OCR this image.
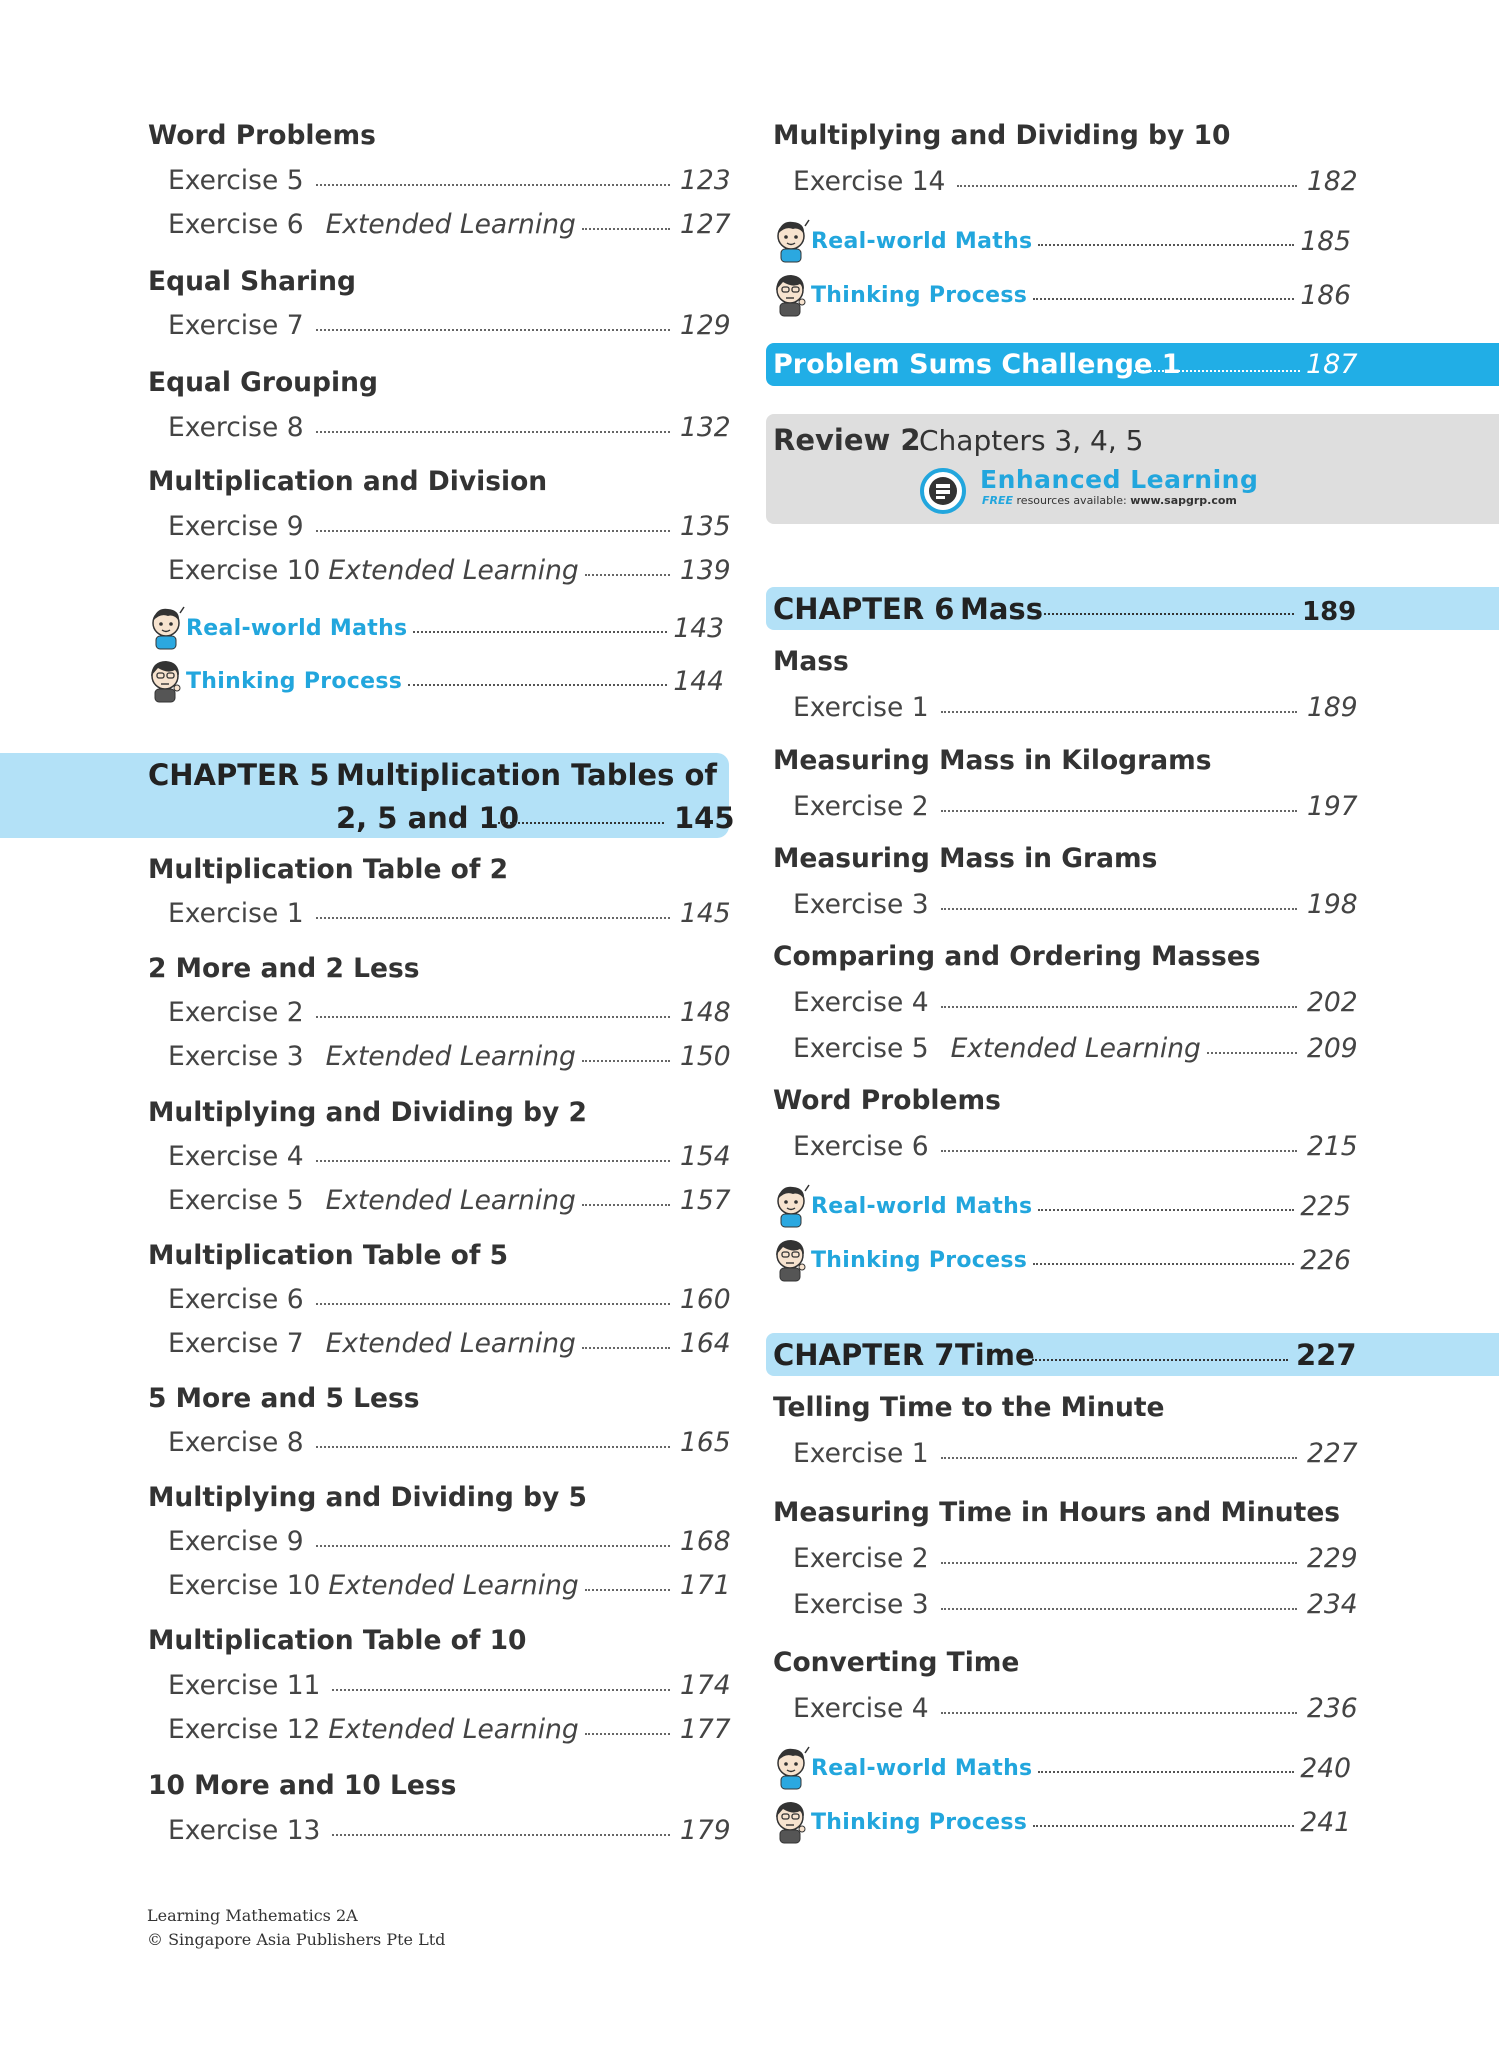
Word Problems
Exercise 5	123
Exercise 6 Extended Learning	127
Equal Sharing
Exercise 7	129
Equal Grouping
Exercise 8	132
Multiplication and Division
Exercise 9	135
Exercise 10 Extended Learning	139
Real-world Maths	143
Thinking Process	144
CHAPTER 5 Multiplication Tables of
2, 5 and 10	145
Multiplication Table of 2
Exercise 1	145
2 More and 2 Less
Exercise 2	148
Exercise 3 Extended Learning	150
Multiplying and Dividing by 2
Exercise 4	154
Exercise 5 Extended Learning	157
Multiplication Table of 5
Exercise 6	160
Exercise 7 Extended Learning	164
5 More and 5 Less
Exercise 8	165
Multiplying and Dividing by 5
Exercise 9	168
Exercise 10 Extended Learning	171
Multiplication Table of 10
Exercise 11	174
Exercise 12 Extended Learning	177
10 More and 10 Less
Exercise 13	179
Multiplying and Dividing by 10
Exercise 14	182
Real-world Maths	185
Thinking Process	186
Problem Sums Challenge 1	187
Review 2
Chapters 3, 4, 5
Enhanced Learning
FREE resources available: www.sapgrp.com
CHAPTER 6 Mass	189
Mass
Exercise 1	189
Measuring Mass in Kilograms
Exercise 2	197
Measuring Mass in Grams
Exercise 3	198
Comparing and Ordering Masses
Exercise 4	202
Exercise 5 Extended Learning	209
Word Problems
Exercise 6	215
Real-world Maths	225
Thinking Process	226
CHAPTER 7 Time	227
Telling Time to the Minute
Exercise 1	227
Measuring Time in Hours and Minutes
Exercise 2	229
Exercise 3	234
Converting Time
Exercise 4	236
Real-world Maths	240
Thinking Process	241
Learning Mathematics 2A
© Singapore Asia Publishers Pte Ltd
